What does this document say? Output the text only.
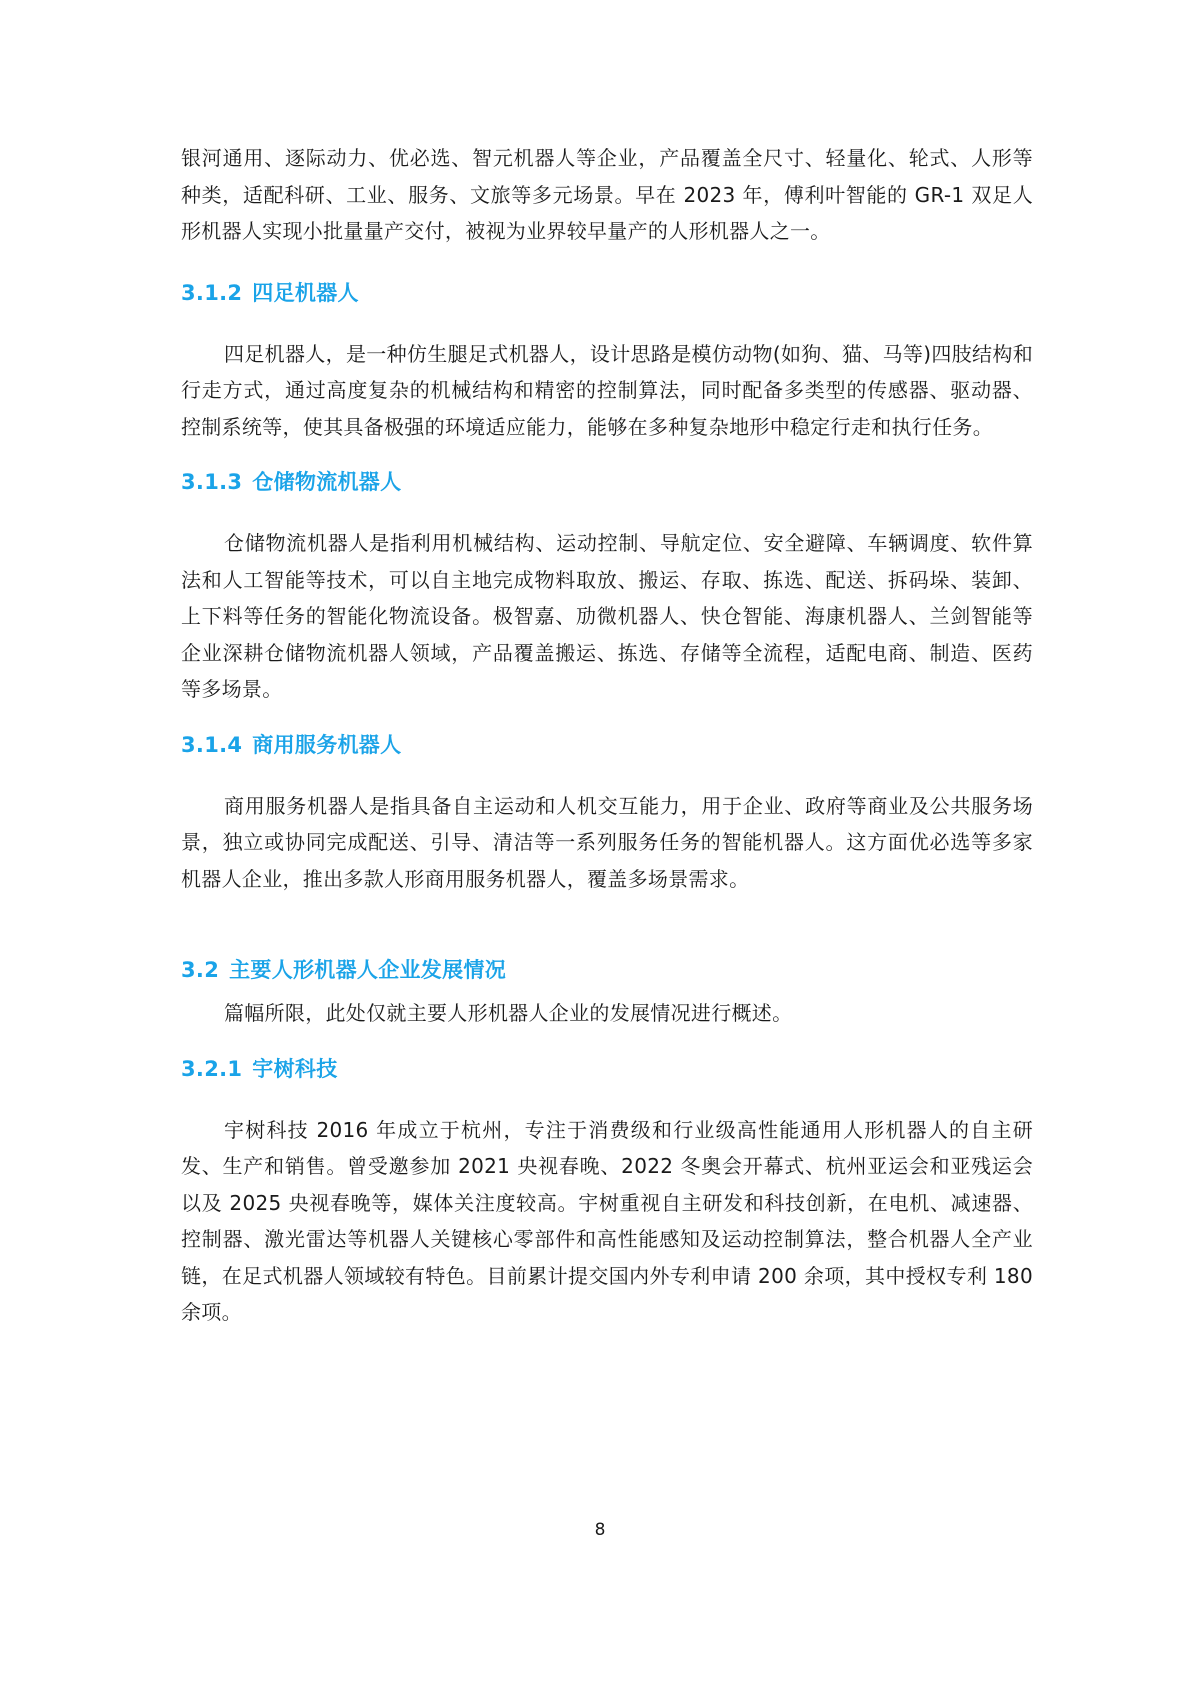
银河通用、逐际动力、优必选、智元机器人等企业，产品覆盖全尺寸、轻量化、轮式、人形等种类，适配科研、工业、服务、文旅等多元场景。早在 2023 年，傅利叶智能的 GR-1 双足人形机器人实现小批量量产交付，被视为业界较早量产的人形机器人之一。

3.1.2 四足机器人

四足机器人，是一种仿生腿足式机器人，设计思路是模仿动物(如狗、猫、马等)四肢结构和行走方式，通过高度复杂的机械结构和精密的控制算法，同时配备多类型的传感器、驱动器、控制系统等，使其具备极强的环境适应能力，能够在多种复杂地形中稳定行走和执行任务。

3.1.3 仓储物流机器人

仓储物流机器人是指利用机械结构、运动控制、导航定位、安全避障、车辆调度、软件算法和人工智能等技术，可以自主地完成物料取放、搬运、存取、拣选、配送、拆码垛、装卸、上下料等任务的智能化物流设备。极智嘉、劢微机器人、快仓智能、海康机器人、兰剑智能等企业深耕仓储物流机器人领域，产品覆盖搬运、拣选、存储等全流程，适配电商、制造、医药等多场景。

3.1.4 商用服务机器人

商用服务机器人是指具备自主运动和人机交互能力，用于企业、政府等商业及公共服务场景，独立或协同完成配送、引导、清洁等一系列服务任务的智能机器人。这方面优必选等多家机器人企业，推出多款人形商用服务机器人，覆盖多场景需求。

3.2 主要人形机器人企业发展情况

篇幅所限，此处仅就主要人形机器人企业的发展情况进行概述。

3.2.1 宇树科技

宇树科技 2016 年成立于杭州，专注于消费级和行业级高性能通用人形机器人的自主研发、生产和销售。曾受邀参加 2021 央视春晚、2022 冬奥会开幕式、杭州亚运会和亚残运会以及 2025 央视春晚等，媒体关注度较高。宇树重视自主研发和科技创新，在电机、减速器、控制器、激光雷达等机器人关键核心零部件和高性能感知及运动控制算法，整合机器人全产业链，在足式机器人领域较有特色。目前累计提交国内外专利申请 200 余项，其中授权专利 180 余项。

8
